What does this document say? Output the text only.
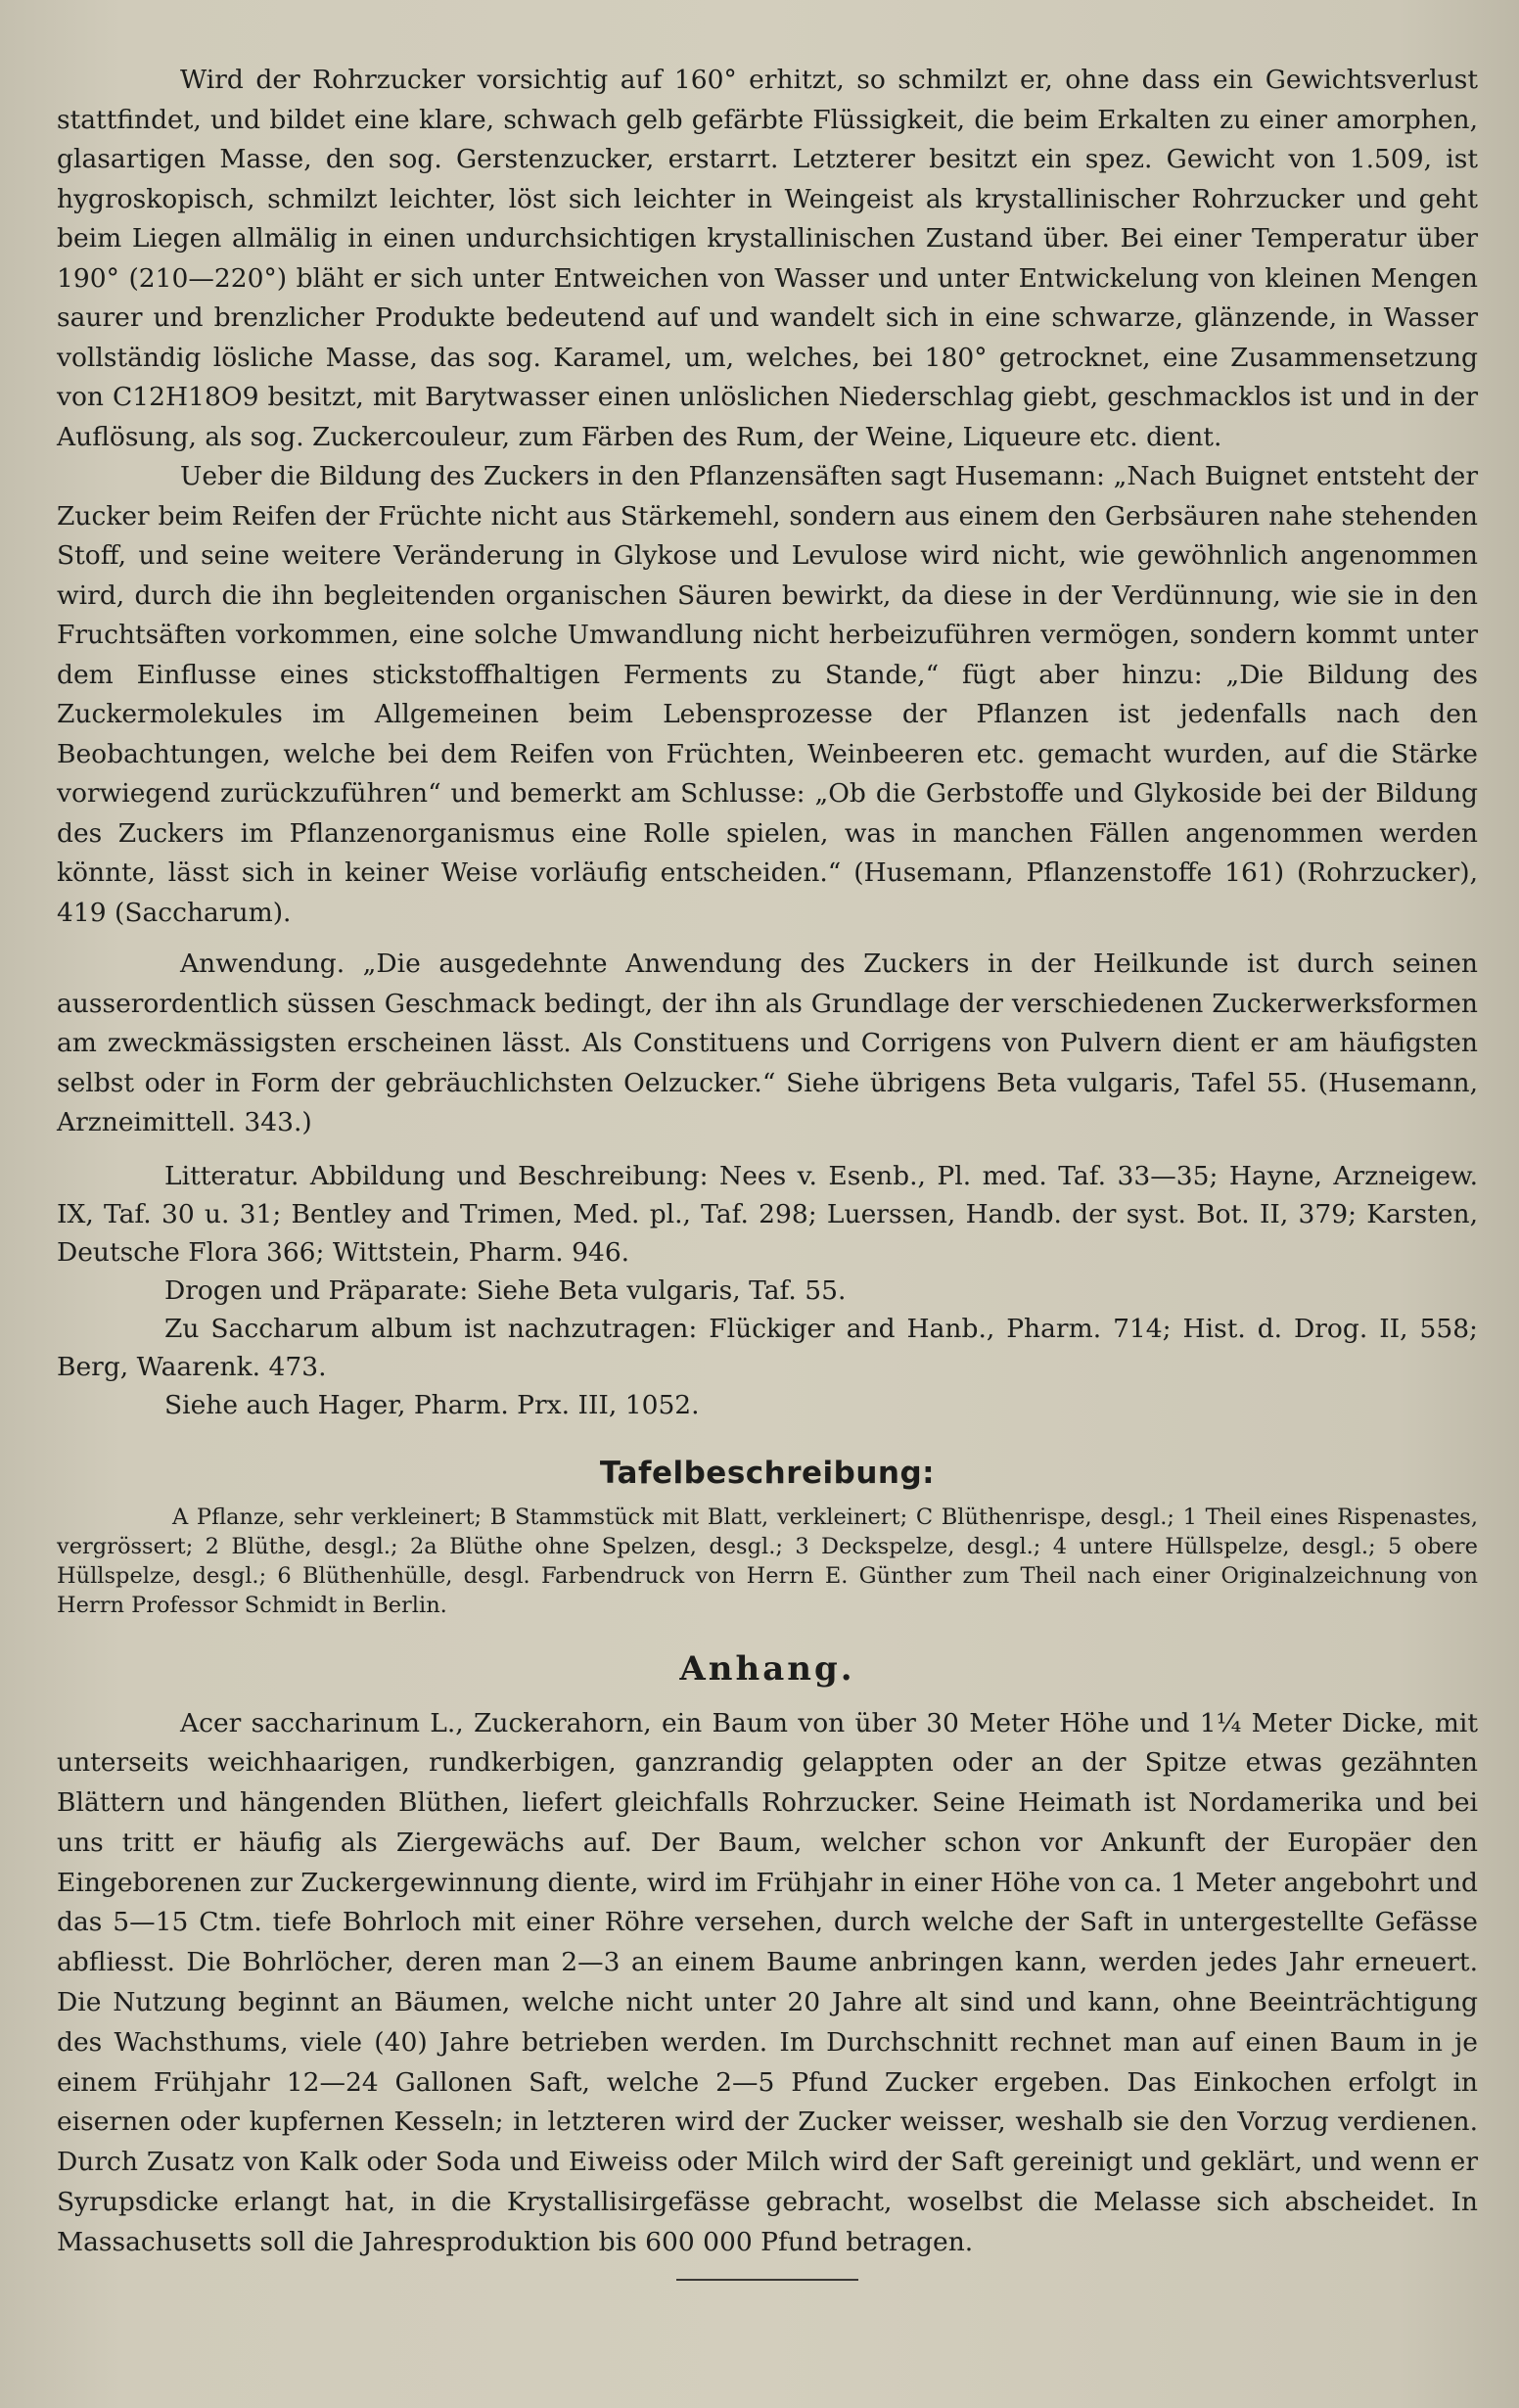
Wird der Rohrzucker vorsichtig auf 160° erhitzt, so schmilzt er, ohne dass ein Gewichtsverlust stattfindet, und bildet eine klare, schwach gelb gefärbte Flüssigkeit, die beim Erkalten zu einer amorphen, glasartigen Masse, den sog. Gerstenzucker, erstarrt. Letzterer besitzt ein spez. Gewicht von 1.509, ist hygroskopisch, schmilzt leichter, löst sich leichter in Weingeist als krystallinischer Rohrzucker und geht beim Liegen allmälig in einen undurchsichtigen krystallinischen Zustand über. Bei einer Temperatur über 190° (210—220°) bläht er sich unter Entweichen von Wasser und unter Entwickelung von kleinen Mengen saurer und brenzlicher Produkte bedeutend auf und wandelt sich in eine schwarze, glänzende, in Wasser vollständig lösliche Masse, das sog. Karamel, um, welches, bei 180° getrocknet, eine Zusammensetzung von C12H18O9 besitzt, mit Barytwasser einen unlöslichen Niederschlag giebt, geschmacklos ist und in der Auflösung, als sog. Zuckercouleur, zum Färben des Rum, der Weine, Liqueure etc. dient.

Ueber die Bildung des Zuckers in den Pflanzensäften sagt Husemann: „Nach Buignet entsteht der Zucker beim Reifen der Früchte nicht aus Stärkemehl, sondern aus einem den Gerbsäuren nahe stehenden Stoff, und seine weitere Veränderung in Glykose und Levulose wird nicht, wie gewöhnlich angenommen wird, durch die ihn begleitenden organischen Säuren bewirkt, da diese in der Verdünnung, wie sie in den Fruchtsäften vorkommen, eine solche Umwandlung nicht herbeizuführen vermögen, sondern kommt unter dem Einflusse eines stickstoffhaltigen Ferments zu Stande,“ fügt aber hinzu: „Die Bildung des Zuckermolekules im Allgemeinen beim Lebensprozesse der Pflanzen ist jedenfalls nach den Beobachtungen, welche bei dem Reifen von Früchten, Weinbeeren etc. gemacht wurden, auf die Stärke vorwiegend zurückzuführen“ und bemerkt am Schlusse: „Ob die Gerbstoffe und Glykoside bei der Bildung des Zuckers im Pflanzenorganismus eine Rolle spielen, was in manchen Fällen angenommen werden könnte, lässt sich in keiner Weise vorläufig entscheiden.“ (Husemann, Pflanzenstoffe 161) (Rohrzucker), 419 (Saccharum).

Anwendung. „Die ausgedehnte Anwendung des Zuckers in der Heilkunde ist durch seinen ausserordentlich süssen Geschmack bedingt, der ihn als Grundlage der verschiedenen Zuckerwerksformen am zweckmässigsten erscheinen lässt. Als Constituens und Corrigens von Pulvern dient er am häufigsten selbst oder in Form der gebräuchlichsten Oelzucker.“ Siehe übrigens Beta vulgaris, Tafel 55. (Husemann, Arzneimittell. 343.)

Litteratur. Abbildung und Beschreibung: Nees v. Esenb., Pl. med. Taf. 33—35; Hayne, Arzneigew. IX, Taf. 30 u. 31; Bentley and Trimen, Med. pl., Taf. 298; Luerssen, Handb. der syst. Bot. II, 379; Karsten, Deutsche Flora 366; Wittstein, Pharm. 946.

Drogen und Präparate: Siehe Beta vulgaris, Taf. 55.

Zu Saccharum album ist nachzutragen: Flückiger and Hanb., Pharm. 714; Hist. d. Drog. II, 558; Berg, Waarenk. 473.

Siehe auch Hager, Pharm. Prx. III, 1052.

Tafelbeschreibung:

A Pflanze, sehr verkleinert; B Stammstück mit Blatt, verkleinert; C Blüthenrispe, desgl.; 1 Theil eines Rispenastes, vergrössert; 2 Blüthe, desgl.; 2a Blüthe ohne Spelzen, desgl.; 3 Deckspelze, desgl.; 4 untere Hüllspelze, desgl.; 5 obere Hüllspelze, desgl.; 6 Blüthenhülle, desgl. Farbendruck von Herrn E. Günther zum Theil nach einer Originalzeichnung von Herrn Professor Schmidt in Berlin.

Anhang.

Acer saccharinum L., Zuckerahorn, ein Baum von über 30 Meter Höhe und 1¼ Meter Dicke, mit unterseits weichhaarigen, rundkerbigen, ganzrandig gelappten oder an der Spitze etwas gezähnten Blättern und hängenden Blüthen, liefert gleichfalls Rohrzucker. Seine Heimath ist Nordamerika und bei uns tritt er häufig als Ziergewächs auf. Der Baum, welcher schon vor Ankunft der Europäer den Eingeborenen zur Zuckergewinnung diente, wird im Frühjahr in einer Höhe von ca. 1 Meter angebohrt und das 5—15 Ctm. tiefe Bohrloch mit einer Röhre versehen, durch welche der Saft in untergestellte Gefässe abfliesst. Die Bohrlöcher, deren man 2—3 an einem Baume anbringen kann, werden jedes Jahr erneuert. Die Nutzung beginnt an Bäumen, welche nicht unter 20 Jahre alt sind und kann, ohne Beeinträchtigung des Wachsthums, viele (40) Jahre betrieben werden. Im Durchschnitt rechnet man auf einen Baum in je einem Frühjahr 12—24 Gallonen Saft, welche 2—5 Pfund Zucker ergeben. Das Einkochen erfolgt in eisernen oder kupfernen Kesseln; in letzteren wird der Zucker weisser, weshalb sie den Vorzug verdienen. Durch Zusatz von Kalk oder Soda und Eiweiss oder Milch wird der Saft gereinigt und geklärt, und wenn er Syrupsdicke erlangt hat, in die Krystallisirgefässe gebracht, woselbst die Melasse sich abscheidet. In Massachusetts soll die Jahresproduktion bis 600 000 Pfund betragen.
